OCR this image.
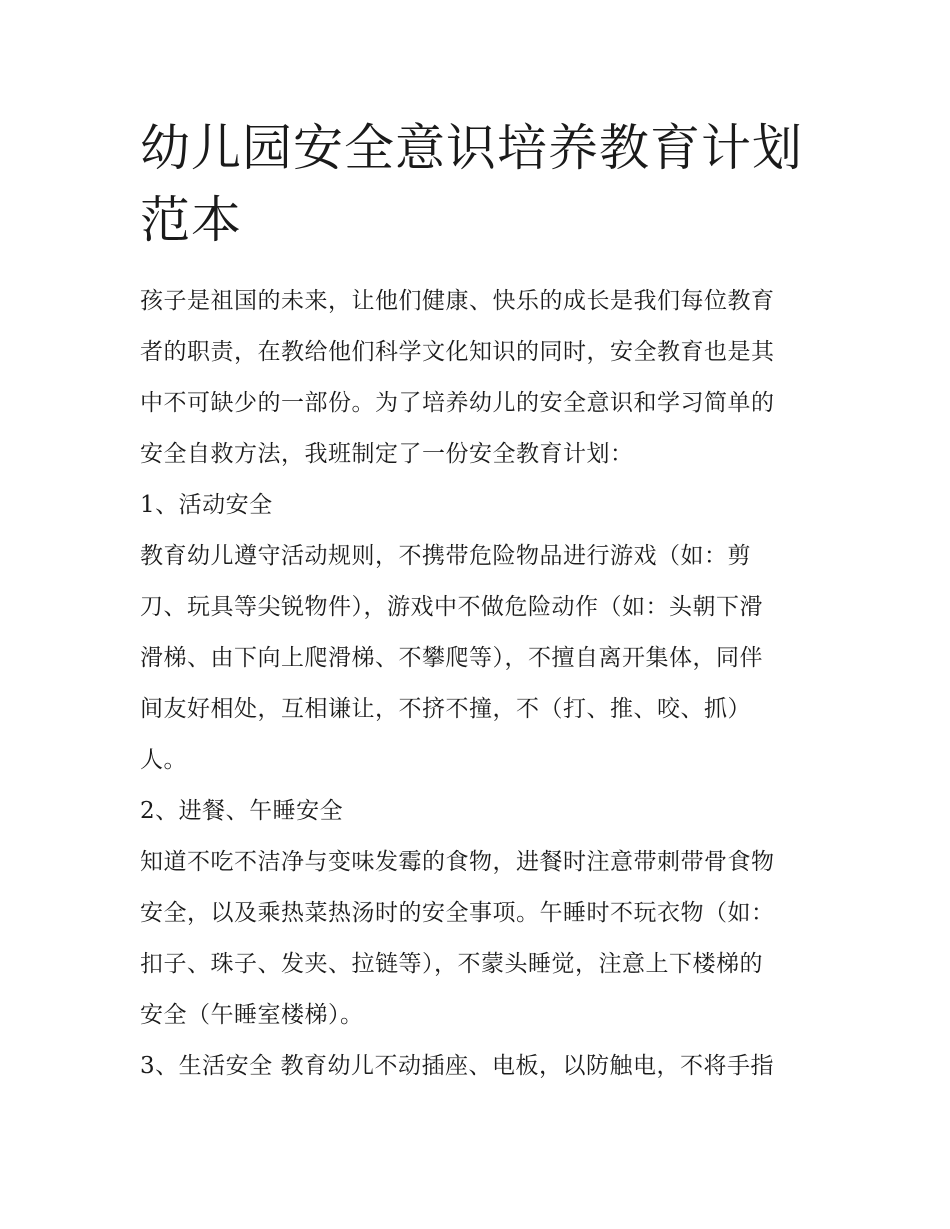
幼儿园安全意识培养教育计划
范本
孩子是祖国的未来，让他们健康、快乐的成长是我们每位教育
者的职责，在教给他们科学文化知识的同时，安全教育也是其
中不可缺少的一部份。为了培养幼儿的安全意识和学习简单的
安全自救方法，我班制定了一份安全教育计划：
1、活动安全
教育幼儿遵守活动规则，不携带危险物品进行游戏（如：剪
刀、玩具等尖锐物件），游戏中不做危险动作（如：头朝下滑
滑梯、由下向上爬滑梯、不攀爬等），不擅自离开集体，同伴
间友好相处，互相谦让，不挤不撞，不（打、推、咬、抓）
人。
2、进餐、午睡安全
知道不吃不洁净与变味发霉的食物，进餐时注意带刺带骨食物
安全，以及乘热菜热汤时的安全事项。午睡时不玩衣物（如：
扣子、珠子、发夹、拉链等），不蒙头睡觉，注意上下楼梯的
安全（午睡室楼梯）。
3、生活安全 教育幼儿不动插座、电板，以防触电，不将手指
